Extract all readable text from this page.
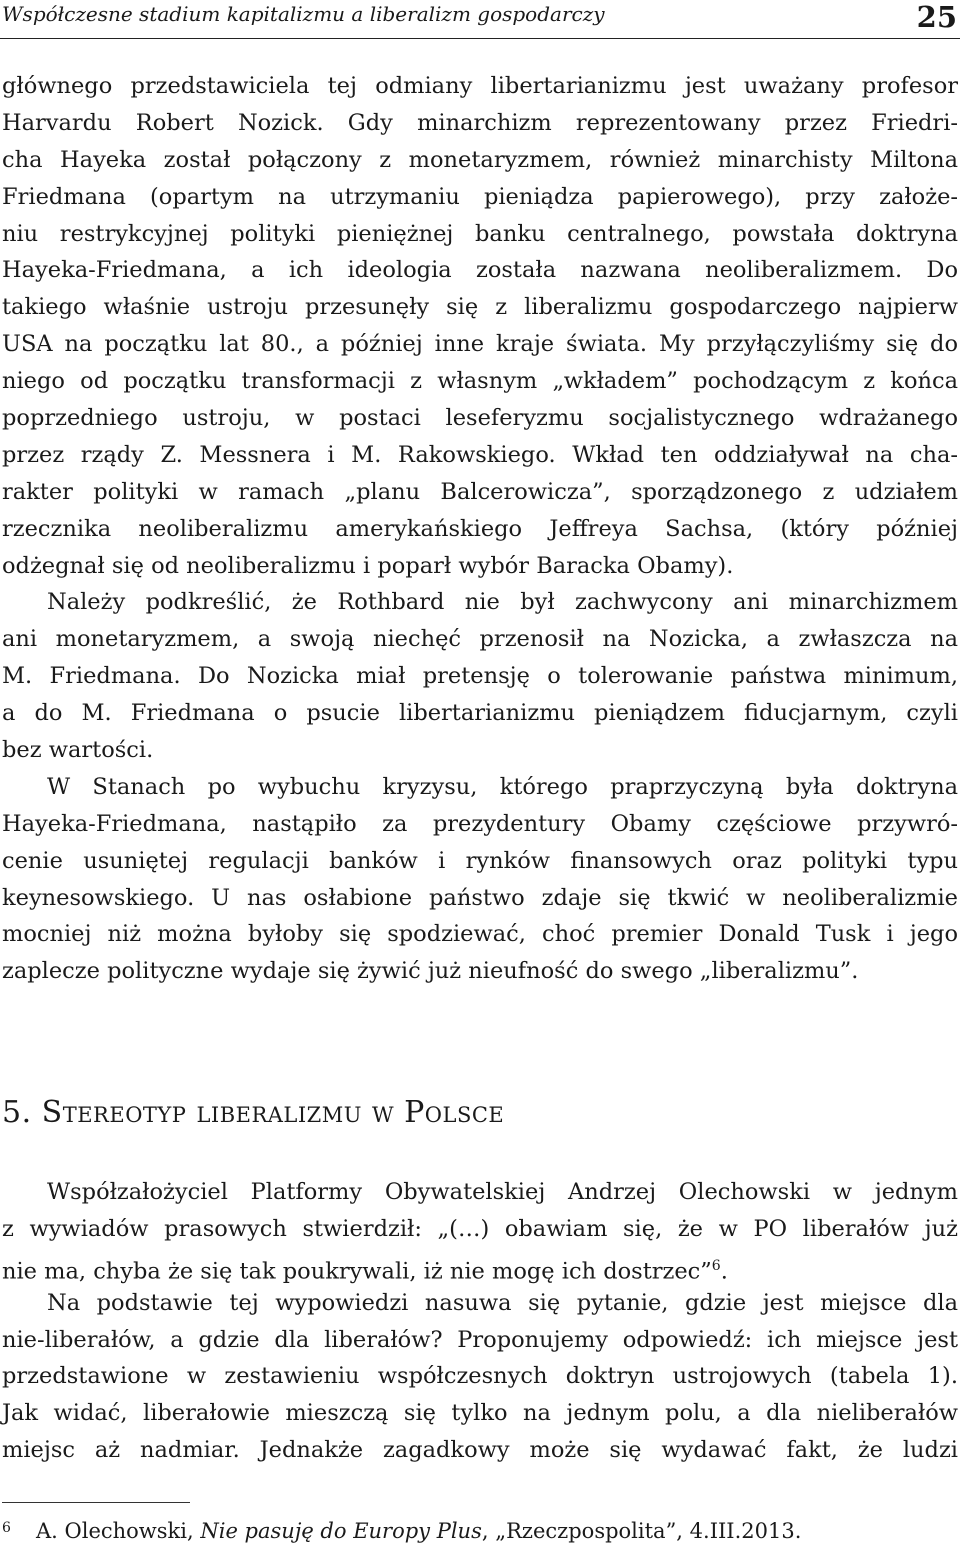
Współczesne stadium kapitalizmu a liberalizm gospodarczy	25
głównego przedstawiciela tej odmiany libertarianizmu jest uważany profesor
Harvardu Robert Nozick. Gdy minarchizm reprezentowany przez Friedri-
cha Hayeka został połączony z monetaryzmem, również minarchisty Miltona
Friedmana (opartym na utrzymaniu pieniądza papierowego), przy założe-
niu restrykcyjnej polityki pieniężnej banku centralnego, powstała doktryna
Hayeka-Friedmana, a ich ideologia została nazwana neoliberalizmem. Do
takiego właśnie ustroju przesunęły się z liberalizmu gospodarczego najpierw
USA na początku lat 80., a później inne kraje świata. My przyłączyliśmy się do
niego od początku transformacji z własnym „wkładem” pochodzącym z końca
poprzedniego ustroju, w postaci leseferyzmu socjalistycznego wdrażanego
przez rządy Z. Messnera i M. Rakowskiego. Wkład ten oddziaływał na cha-
rakter polityki w ramach „planu Balcerowicza”, sporządzonego z udziałem
rzecznika neoliberalizmu amerykańskiego Jeffreya Sachsa, (który później
odżegnał się od neoliberalizmu i poparł wybór Baracka Obamy).
Należy podkreślić, że Rothbard nie był zachwycony ani minarchizmem
ani monetaryzmem, a swoją niechęć przenosił na Nozicka, a zwłaszcza na
M. Friedmana. Do Nozicka miał pretensję o tolerowanie państwa minimum,
a do M. Friedmana o psucie libertarianizmu pieniądzem fiducjarnym, czyli
bez wartości.
W Stanach po wybuchu kryzysu, którego praprzyczyną była doktryna
Hayeka-Friedmana, nastąpiło za prezydentury Obamy częściowe przywró-
cenie usuniętej regulacji banków i rynków finansowych oraz polityki typu
keynesowskiego. U nas osłabione państwo zdaje się tkwić w neoliberalizmie
mocniej niż można byłoby się spodziewać, choć premier Donald Tusk i jego
zaplecze polityczne wydaje się żywić już nieufność do swego „liberalizmu”.
5. Stereotyp liberalizmu w Polsce
Współzałożyciel Platformy Obywatelskiej Andrzej Olechowski w jednym
z wywiadów prasowych stwierdził: „(…) obawiam się, że w PO liberałów już
nie ma, chyba że się tak poukrywali, iż nie mogę ich dostrzec”$^6$.
Na podstawie tej wypowiedzi nasuwa się pytanie, gdzie jest miejsce dla
nie-liberałów, a gdzie dla liberałów? Proponujemy odpowiedź: ich miejsce jest
przedstawione w zestawieniu współczesnych doktryn ustrojowych (tabela 1).
Jak widać, liberałowie mieszczą się tylko na jednym polu, a dla nieliberałów
miejsc aż nadmiar. Jednakże zagadkowy może się wydawać fakt, że ludzi
6 A. Olechowski, Nie pasuję do Europy Plus, „Rzeczpospolita”, 4.III.2013.
